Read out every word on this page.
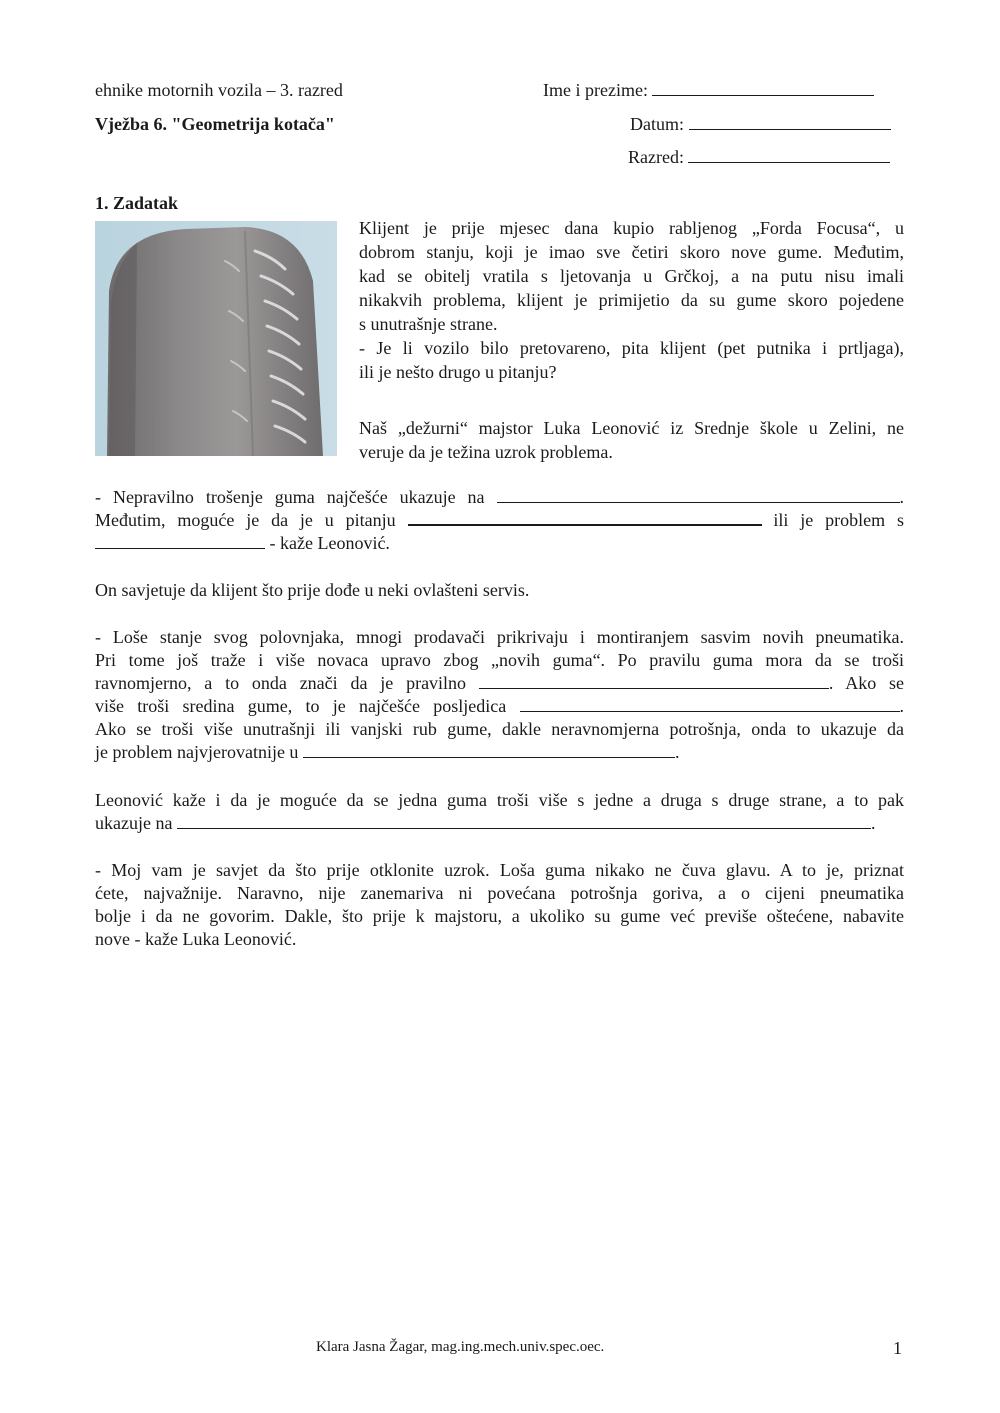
ehnike motornih vozila – 3. razred	Ime i prezime:
Vježba 6. "Geometrija kotača"	Datum:
Razred:
1. Zadatak
Klijent je prije mjesec dana kupio rabljenog „Forda Focusa“, u
dobrom stanju, koji je imao sve četiri skoro nove gume. Međutim,
kad se obitelj vratila s ljetovanja u Grčkoj, a na putu nisu imali
nikakvih problema, klijent je primijetio da su gume skoro pojedene
s unutrašnje strane.
- Je li vozilo bilo pretovareno, pita klijent (pet putnika i prtljaga),
ili je nešto drugo u pitanju?
Naš „dežurni“ majstor Luka Leonović iz Srednje škole u Zelini, ne
veruje da je težina uzrok problema.
- Nepravilno trošenje guma najčešće ukazuje na	.
Međutim, moguće je da je u pitanju	ili je problem s
- kaže Leonović.
On savjetuje da klijent što prije dođe u neki ovlašteni servis.
- Loše stanje svog polovnjaka, mnogi prodavači prikrivaju i montiranjem sasvim novih pneumatika.
Pri tome još traže i više novaca upravo zbog „novih guma“. Po pravilu guma mora da se troši
ravnomjerno, a to onda znači da je pravilno	. Ako se
više troši sredina gume, to je najčešće posljedica	.
Ako se troši više unutrašnji ili vanjski rub gume, dakle neravnomjerna potrošnja, onda to ukazuje da
je problem najvjerovatnije u	.
Leonović kaže i da je moguće da se jedna guma troši više s jedne a druga s druge strane, a to pak
ukazuje na	.
- Moj vam je savjet da što prije otklonite uzrok. Loša guma nikako ne čuva glavu. A to je, priznat
ćete, najvažnije. Naravno, nije zanemariva ni povećana potrošnja goriva, a o cijeni pneumatika
bolje i da ne govorim. Dakle, što prije k majstoru, a ukoliko su gume već previše oštećene, nabavite
nove - kaže Luka Leonović.
Klara Jasna Žagar, mag.ing.mech.univ.spec.oec.	1
